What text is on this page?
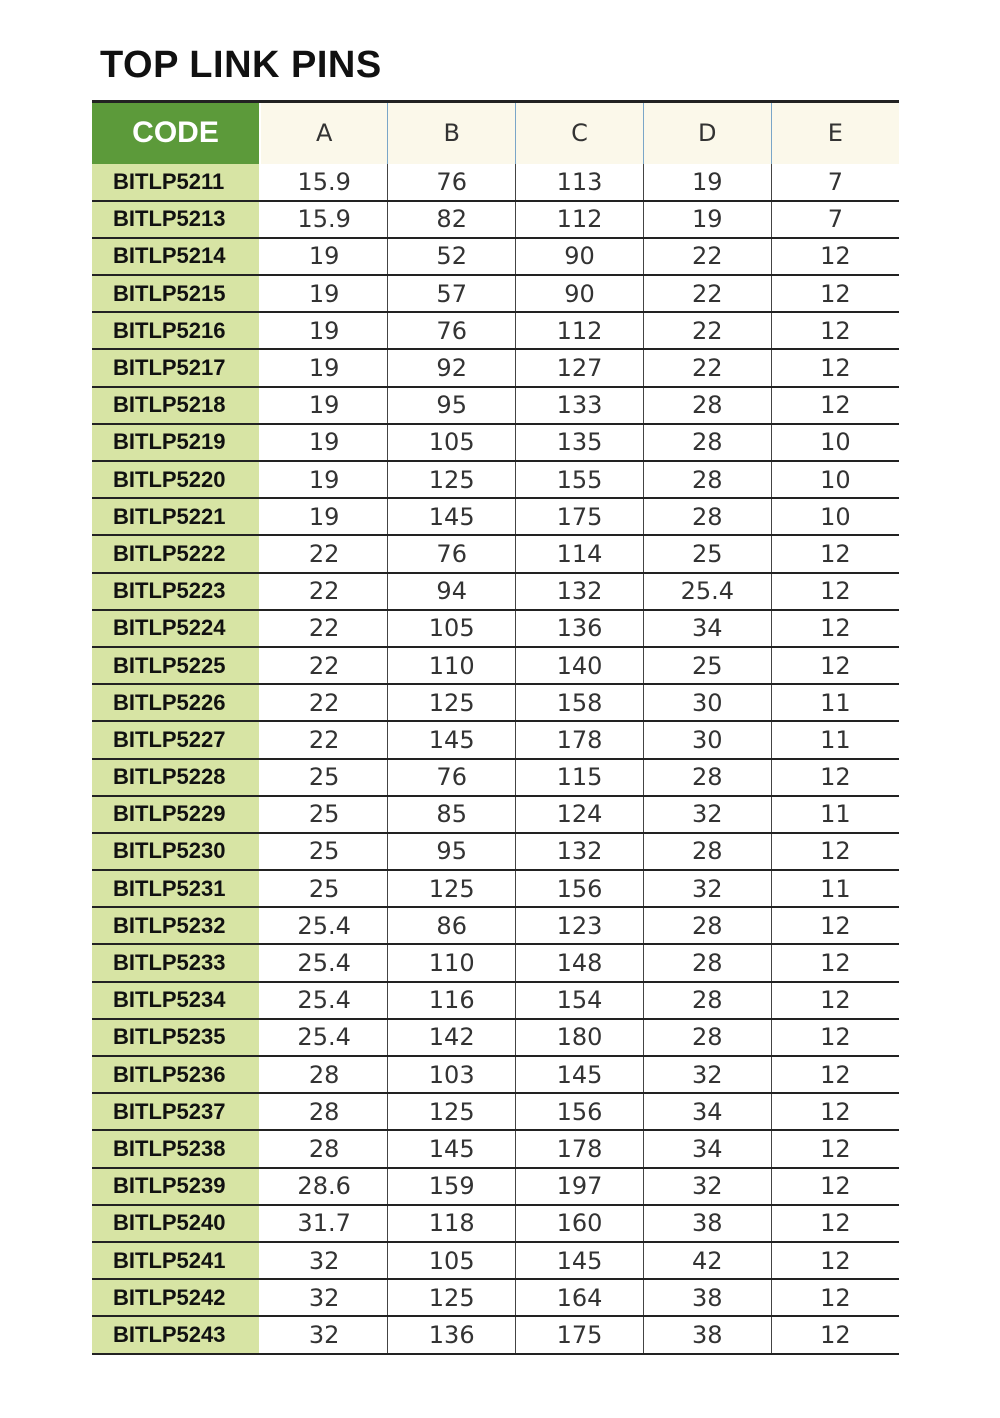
TOP LINK PINS
CODE	A	B	C	D	E
BITLP5211	15.9	76	113	19	7
BITLP5213	15.9	82	112	19	7
BITLP5214	19	52	90	22	12
BITLP5215	19	57	90	22	12
BITLP5216	19	76	112	22	12
BITLP5217	19	92	127	22	12
BITLP5218	19	95	133	28	12
BITLP5219	19	105	135	28	10
BITLP5220	19	125	155	28	10
BITLP5221	19	145	175	28	10
BITLP5222	22	76	114	25	12
BITLP5223	22	94	132	25.4	12
BITLP5224	22	105	136	34	12
BITLP5225	22	110	140	25	12
BITLP5226	22	125	158	30	11
BITLP5227	22	145	178	30	11
BITLP5228	25	76	115	28	12
BITLP5229	25	85	124	32	11
BITLP5230	25	95	132	28	12
BITLP5231	25	125	156	32	11
BITLP5232	25.4	86	123	28	12
BITLP5233	25.4	110	148	28	12
BITLP5234	25.4	116	154	28	12
BITLP5235	25.4	142	180	28	12
BITLP5236	28	103	145	32	12
BITLP5237	28	125	156	34	12
BITLP5238	28	145	178	34	12
BITLP5239	28.6	159	197	32	12
BITLP5240	31.7	118	160	38	12
BITLP5241	32	105	145	42	12
BITLP5242	32	125	164	38	12
BITLP5243	32	136	175	38	12
